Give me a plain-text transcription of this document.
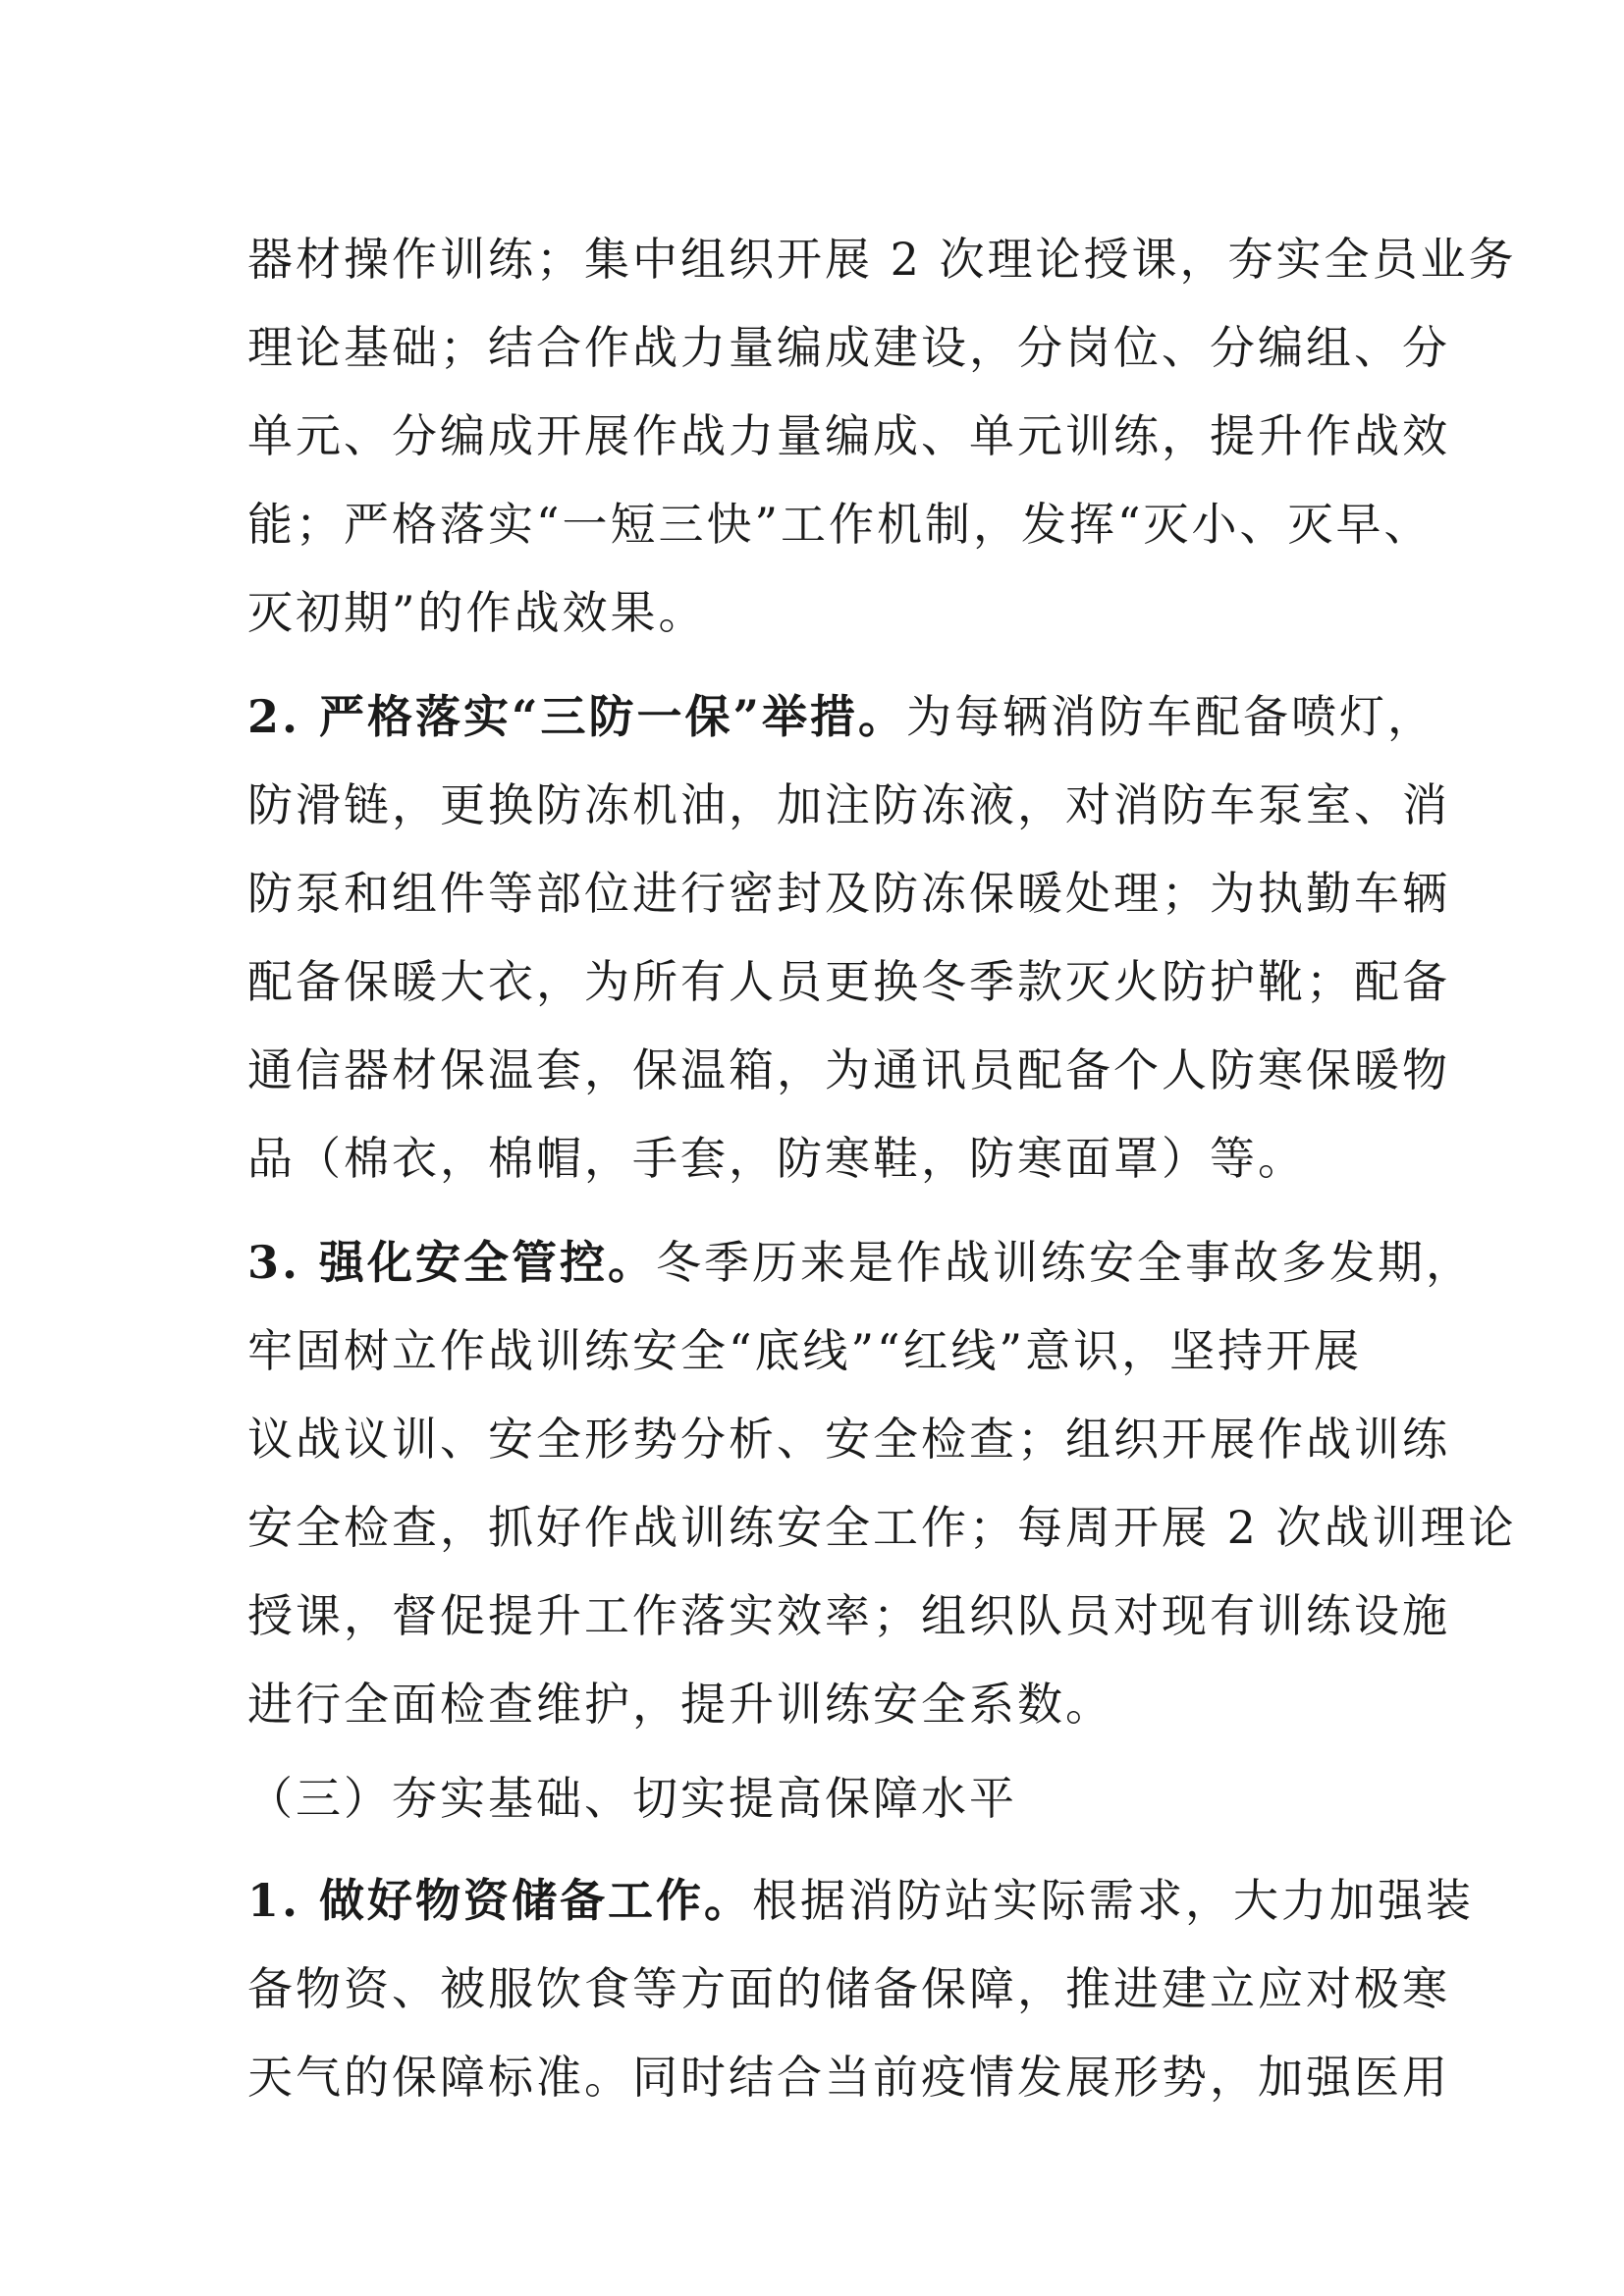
器材操作训练；集中组织开展 2 次理论授课，夯实全员业务
理论基础；结合作战力量编成建设，分岗位、分编组、分
单元、分编成开展作战力量编成、单元训练，提升作战效
能；严格落实“一短三快”工作机制，发挥“灭小、灭早、
灭初期”的作战效果。
2. 严格落实“三防一保”举措。为每辆消防车配备喷灯，
防滑链，更换防冻机油，加注防冻液，对消防车泵室、消
防泵和组件等部位进行密封及防冻保暖处理；为执勤车辆
配备保暖大衣，为所有人员更换冬季款灭火防护靴；配备
通信器材保温套，保温箱，为通讯员配备个人防寒保暖物
品（棉衣，棉帽，手套，防寒鞋，防寒面罩）等。
3. 强化安全管控。冬季历来是作战训练安全事故多发期，
牢固树立作战训练安全“底线”“红线”意识，坚持开展
议战议训、安全形势分析、安全检查；组织开展作战训练
安全检查，抓好作战训练安全工作；每周开展 2 次战训理论
授课，督促提升工作落实效率；组织队员对现有训练设施
进行全面检查维护，提升训练安全系数。
（三）夯实基础、切实提高保障水平
1. 做好物资储备工作。根据消防站实际需求，大力加强装
备物资、被服饮食等方面的储备保障，推进建立应对极寒
天气的保障标准。同时结合当前疫情发展形势，加强医用
